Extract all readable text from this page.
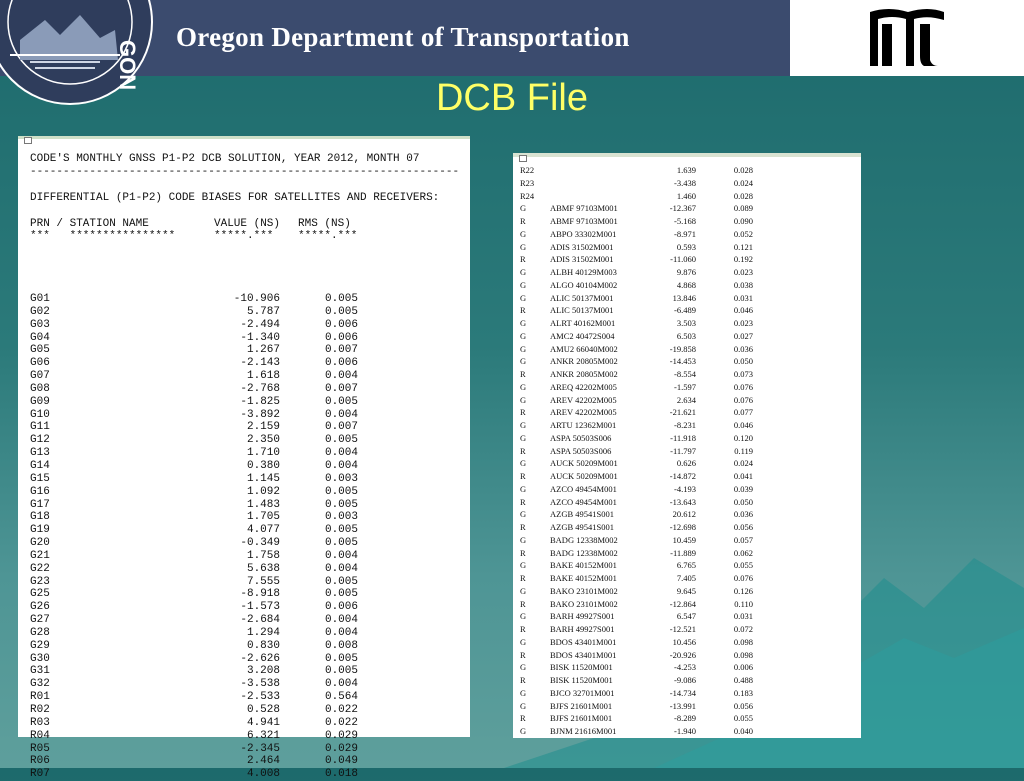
GON
Oregon Department of Transportation
DCB File
CODE'S MONTHLY GNSS P1-P2 DCB SOLUTION, YEAR 2012, MONTH 07
-----------------------------------------------------------------
DIFFERENTIAL (P1-P2) CODE BIASES FOR SATELLITES AND RECEIVERS:
PRN / STATION NAME	VALUE (NS) RMS (NS)
***   ****************	*****.*** *****.***
G01	-10.906	0.005
G02	5.787	0.005
G03	-2.494	0.006
G04	-1.340	0.006
G05	1.267	0.007
G06	-2.143	0.006
G07	1.618	0.004
G08	-2.768	0.007
G09	-1.825	0.005
G10	-3.892	0.004
G11	2.159	0.007
G12	2.350	0.005
G13	1.710	0.004
G14	0.380	0.004
G15	1.145	0.003
G16	1.092	0.005
G17	1.483	0.005
G18	1.705	0.003
G19	4.077	0.005
G20	-0.349	0.005
G21	1.758	0.004
G22	5.638	0.004
G23	7.555	0.005
G25	-8.918	0.005
G26	-1.573	0.006
G27	-2.684	0.004
G28	1.294	0.004
G29	0.830	0.008
G30	-2.626	0.005
G31	3.208	0.005
G32	-3.538	0.004
R01	-2.533	0.564
R02	0.528	0.022
R03	4.941	0.022
R04	6.321	0.029
R05	-2.345	0.029
R06	2.464	0.049
R07	4.008	0.018
R22	1.639	0.028
R23	-3.438	0.024
R24	1.460	0.028
G	ABMF 97103M001	-12.367	0.089
R	ABMF 97103M001	-5.168	0.090
G	ABPO 33302M001	-8.971	0.052
G	ADIS 31502M001	0.593	0.121
R	ADIS 31502M001	-11.060	0.192
G	ALBH 40129M003	9.876	0.023
G	ALGO 40104M002	4.868	0.038
G	ALIC 50137M001	13.846	0.031
R	ALIC 50137M001	-6.489	0.046
G	ALRT 40162M001	3.503	0.023
G	AMC2 40472S004	6.503	0.027
G	AMU2 66040M002	-19.858	0.036
G	ANKR 20805M002	-14.453	0.050
R	ANKR 20805M002	-8.554	0.073
G	AREQ 42202M005	-1.597	0.076
G	AREV 42202M005	2.634	0.076
R	AREV 42202M005	-21.621	0.077
G	ARTU 12362M001	-8.231	0.046
G	ASPA 50503S006	-11.918	0.120
R	ASPA 50503S006	-11.797	0.119
G	AUCK 50209M001	0.626	0.024
R	AUCK 50209M001	-14.872	0.041
G	AZCO 49454M001	-4.193	0.039
R	AZCO 49454M001	-13.643	0.050
G	AZGB 49541S001	20.612	0.036
R	AZGB 49541S001	-12.698	0.056
G	BADG 12338M002	10.459	0.057
R	BADG 12338M002	-11.889	0.062
G	BAKE 40152M001	6.765	0.055
R	BAKE 40152M001	7.405	0.076
G	BAKO 23101M002	9.645	0.126
R	BAKO 23101M002	-12.864	0.110
G	BARH 49927S001	6.547	0.031
R	BARH 49927S001	-12.521	0.072
G	BDOS 43401M001	10.456	0.098
R	BDOS 43401M001	-20.926	0.098
G	BISK 11520M001	-4.253	0.006
R	BISK 11520M001	-9.086	0.488
G	BJCO 32701M001	-14.734	0.183
G	BJFS 21601M001	-13.991	0.056
R	BJFS 21601M001	-8.289	0.055
G	BJNM 21616M001	-1.940	0.040
